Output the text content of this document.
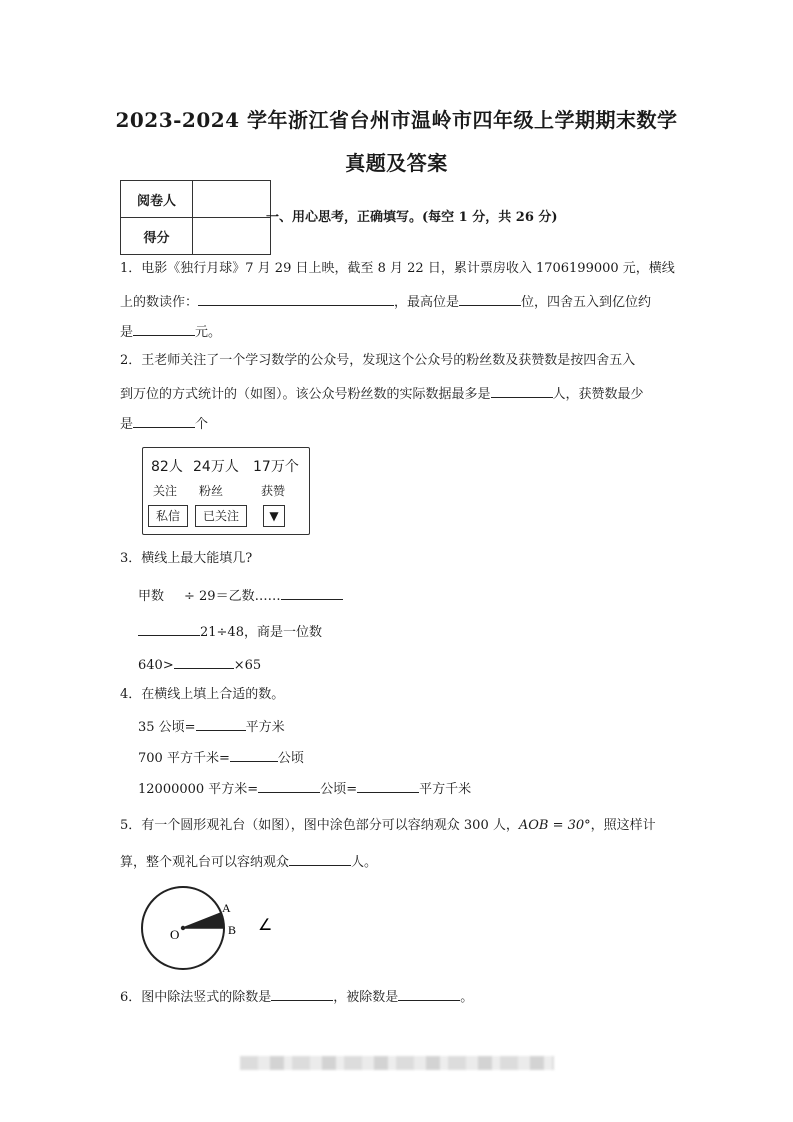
2023-2024 学年浙江省台州市温岭市四年级上学期期末数学
真题及答案
阅卷人	
得分	
一、用心思考，正确填写。(每空 1 分，共 26 分)
1．电影《独行月球》7 月 29 日上映，截至 8 月 22 日，累计票房收入 1706199000 元，横线
上的数读作：	，最高位是	位，四舍五入到亿位约
是	元。
2．王老师关注了一个学习数学的公众号，发现这个公众号的粉丝数及获赞数是按四舍五入
到万位的方式统计的（如图）。该公众号粉丝数的实际数据最多是	人，获赞数最少
是	个
82人 24万人 17万个
关注 粉丝	获赞
私信	已关注	▼
3．横线上最大能填几?
甲数 ÷ 29＝乙数……
21÷48，商是一位数
640>	×65
4．在横线上填上合适的数。
35 公顷=	平方米
700 平方千米=	公顷
12000000 平方米=	公顷=	平方千米
5．有一个圆形观礼台（如图），图中涂色部分可以容纳观众 300 人，AOB = 30°，照这样计
算，整个观礼台可以容纳观众	人。
A
B
O
∠
6．图中除法竖式的除数是	，被除数是	。
